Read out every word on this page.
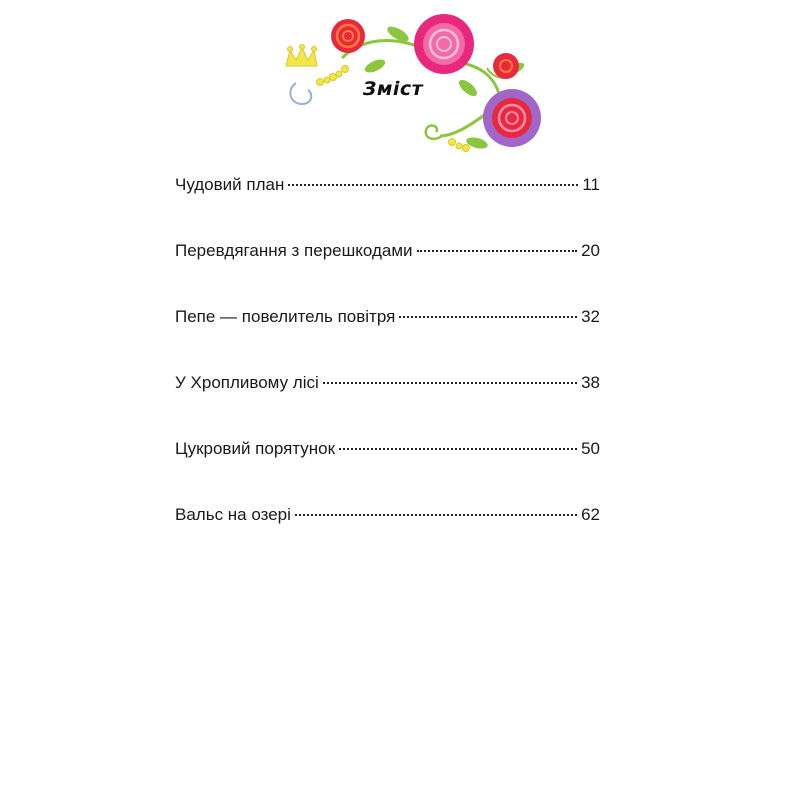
Зміст
Чудовий план	11
Перевдягання з перешкодами	20
Пепе — повелитель повітря	32
У Хропливому лісі	38
Цукровий порятунок	50
Вальс на озері	62
